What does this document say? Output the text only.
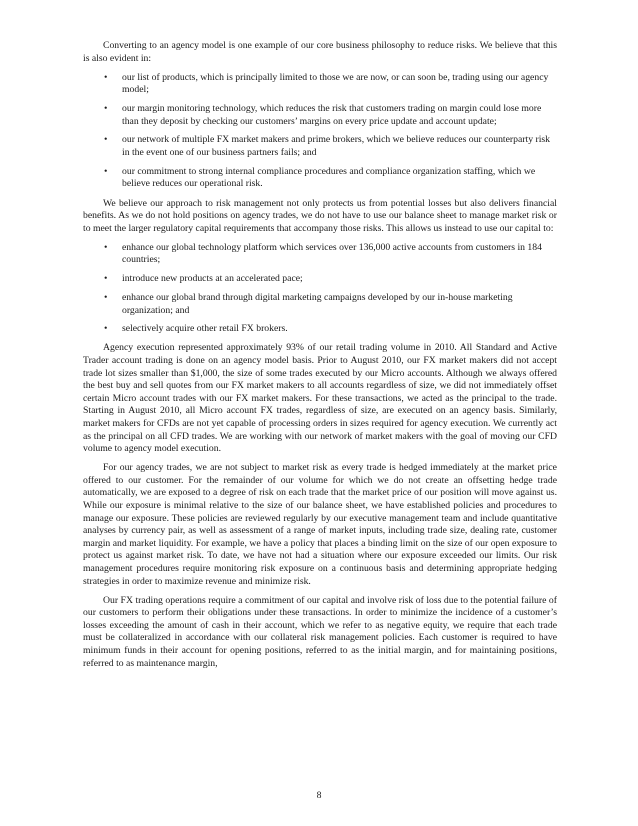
Converting to an agency model is one example of our core business philosophy to reduce risks. We believe that this is also evident in:

• our list of products, which is principally limited to those we are now, or can soon be, trading using our agency model;
• our margin monitoring technology, which reduces the risk that customers trading on margin could lose more than they deposit by checking our customers’ margins on every price update and account update;
• our network of multiple FX market makers and prime brokers, which we believe reduces our counterparty risk in the event one of our business partners fails; and
• our commitment to strong internal compliance procedures and compliance organization staffing, which we believe reduces our operational risk.

We believe our approach to risk management not only protects us from potential losses but also delivers financial benefits. As we do not hold positions on agency trades, we do not have to use our balance sheet to manage market risk or to meet the larger regulatory capital requirements that accompany those risks. This allows us instead to use our capital to:

• enhance our global technology platform which services over 136,000 active accounts from customers in 184 countries;
• introduce new products at an accelerated pace;
• enhance our global brand through digital marketing campaigns developed by our in-house marketing organization; and
• selectively acquire other retail FX brokers.

Agency execution represented approximately 93% of our retail trading volume in 2010. All Standard and Active Trader account trading is done on an agency model basis. Prior to August 2010, our FX market makers did not accept trade lot sizes smaller than $1,000, the size of some trades executed by our Micro accounts. Although we always offered the best buy and sell quotes from our FX market makers to all accounts regardless of size, we did not immediately offset certain Micro account trades with our FX market makers. For these transactions, we acted as the principal to the trade. Starting in August 2010, all Micro account FX trades, regardless of size, are executed on an agency basis. Similarly, market makers for CFDs are not yet capable of processing orders in sizes required for agency execution. We currently act as the principal on all CFD trades. We are working with our network of market makers with the goal of moving our CFD volume to agency model execution.

For our agency trades, we are not subject to market risk as every trade is hedged immediately at the market price offered to our customer. For the remainder of our volume for which we do not create an offsetting hedge trade automatically, we are exposed to a degree of risk on each trade that the market price of our position will move against us. While our exposure is minimal relative to the size of our balance sheet, we have established policies and procedures to manage our exposure. These policies are reviewed regularly by our executive management team and include quantitative analyses by currency pair, as well as assessment of a range of market inputs, including trade size, dealing rate, customer margin and market liquidity. For example, we have a policy that places a binding limit on the size of our open exposure to protect us against market risk. To date, we have not had a situation where our exposure exceeded our limits. Our risk management procedures require monitoring risk exposure on a continuous basis and determining appropriate hedging strategies in order to maximize revenue and minimize risk.

Our FX trading operations require a commitment of our capital and involve risk of loss due to the potential failure of our customers to perform their obligations under these transactions. In order to minimize the incidence of a customer’s losses exceeding the amount of cash in their account, which we refer to as negative equity, we require that each trade must be collateralized in accordance with our collateral risk management policies. Each customer is required to have minimum funds in their account for opening positions, referred to as the initial margin, and for maintaining positions, referred to as maintenance margin,

8
